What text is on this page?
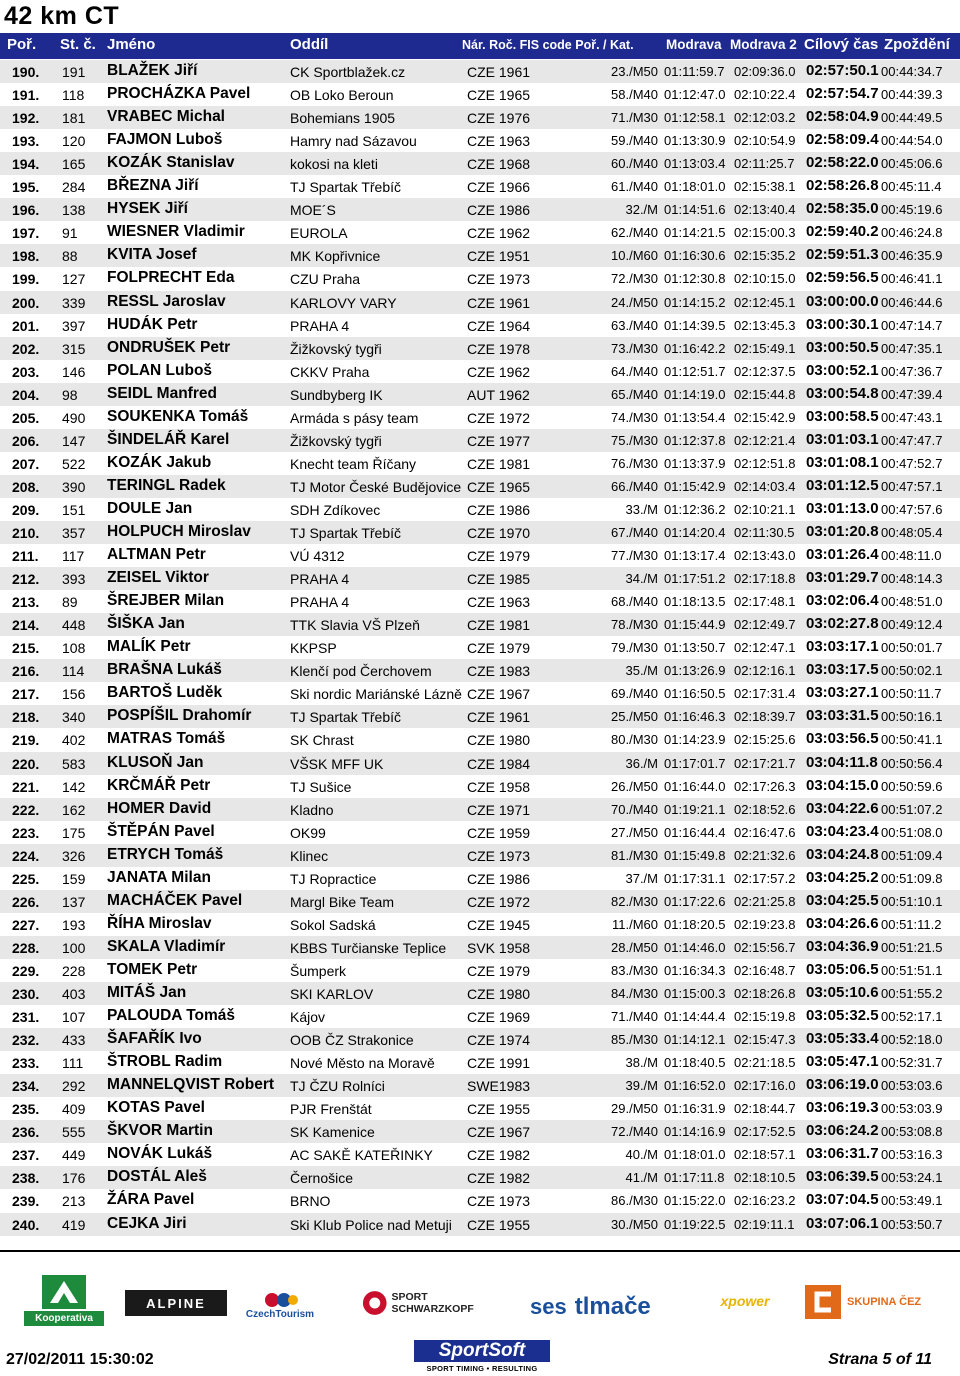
42 km CT
Poř. St. č. Jméno	Oddíl	Nár. Roč. FIS code Poř. / Kat. Modrava Modrava 2 Cílový čas Zpoždění
190. 191 BLAŽEK Jiří	CK Sportblažek.cz	CZE 1961	23./M50 01:11:59.7 02:09:36.0 02:57:50.1 00:44:34.7
191. 118 PROCHÁZKA Pavel	OB Loko Beroun	CZE 1965	58./M40 01:12:47.0 02:10:22.4 02:57:54.7 00:44:39.3
192. 181 VRABEC Michal	Bohemians 1905	CZE 1976	71./M30 01:12:58.1 02:12:03.2 02:58:04.9 00:44:49.5
193. 120 FAJMON Luboš	Hamry nad Sázavou	CZE 1963	59./M40 01:13:30.9 02:10:54.9 02:58:09.4 00:44:54.0
194. 165 KOZÁK Stanislav	kokosi na kleti	CZE 1968	60./M40 01:13:03.4 02:11:25.7 02:58:22.0 00:45:06.6
195. 284 BŘEZNA Jiří	TJ Spartak Třebíč	CZE 1966	61./M40 01:18:01.0 02:15:38.1 02:58:26.8 00:45:11.4
196. 138 HYSEK Jiří	MOE´S	CZE 1986	32./M 01:14:51.6 02:13:40.4 02:58:35.0 00:45:19.6
197. 91 WIESNER Vladimir	EUROLA	CZE 1962	62./M40 01:14:21.5 02:15:00.3 02:59:40.2 00:46:24.8
198. 88 KVITA Josef	MK Kopřivnice	CZE 1951	10./M60 01:16:30.6 02:15:35.2 02:59:51.3 00:46:35.9
199. 127 FOLPRECHT Eda	CZU Praha	CZE 1973	72./M30 01:12:30.8 02:10:15.0 02:59:56.5 00:46:41.1
200. 339 RESSL Jaroslav	KARLOVY VARY	CZE 1961	24./M50 01:14:15.2 02:12:45.1 03:00:00.0 00:46:44.6
201. 397 HUDÁK Petr	PRAHA 4	CZE 1964	63./M40 01:14:39.5 02:13:45.3 03:00:30.1 00:47:14.7
202. 315 ONDRUŠEK Petr	Žižkovský tygři	CZE 1978	73./M30 01:16:42.2 02:15:49.1 03:00:50.5 00:47:35.1
203. 146 POLAN Luboš	CKKV Praha	CZE 1962	64./M40 01:12:51.7 02:12:37.5 03:00:52.1 00:47:36.7
204. 98 SEIDL Manfred	Sundbyberg IK	AUT 1962	65./M40 01:14:19.0 02:15:44.8 03:00:54.8 00:47:39.4
205. 490 SOUKENKA Tomáš	Armáda s pásy team	CZE 1972	74./M30 01:13:54.4 02:15:42.9 03:00:58.5 00:47:43.1
206. 147 ŠINDELÁŘ Karel	Žižkovský tygři	CZE 1977	75./M30 01:12:37.8 02:12:21.4 03:01:03.1 00:47:47.7
207. 522 KOZÁK Jakub	Knecht team Říčany	CZE 1981	76./M30 01:13:37.9 02:12:51.8 03:01:08.1 00:47:52.7
208. 390 TERINGL Radek	TJ Motor České Budějovice CZE 1965	66./M40 01:15:42.9 02:14:03.4 03:01:12.5 00:47:57.1
209. 151 DOULE Jan	SDH Zdíkovec	CZE 1986	33./M 01:12:36.2 02:10:21.1 03:01:13.0 00:47:57.6
210. 357 HOLPUCH Miroslav	TJ Spartak Třebíč	CZE 1970	67./M40 01:14:20.4 02:11:30.5 03:01:20.8 00:48:05.4
211. 117 ALTMAN Petr	VÚ 4312	CZE 1979	77./M30 01:13:17.4 02:13:43.0 03:01:26.4 00:48:11.0
212. 393 ZEISEL Viktor	PRAHA 4	CZE 1985	34./M 01:17:51.2 02:17:18.8 03:01:29.7 00:48:14.3
213. 89 ŠREJBER Milan	PRAHA 4	CZE 1963	68./M40 01:18:13.5 02:17:48.1 03:02:06.4 00:48:51.0
214. 448 ŠIŠKA Jan	TTK Slavia VŠ Plzeň	CZE 1981	78./M30 01:15:44.9 02:12:49.7 03:02:27.8 00:49:12.4
215. 108 MALÍK Petr	KKPSP	CZE 1979	79./M30 01:13:50.7 02:12:47.1 03:03:17.1 00:50:01.7
216. 114 BRAŠNA Lukáš	Klenčí pod Čerchovem	CZE 1983	35./M 01:13:26.9 02:12:16.1 03:03:17.5 00:50:02.1
217. 156 BARTOŠ Luděk	Ski nordic Mariánské Lázně CZE 1967	69./M40 01:16:50.5 02:17:31.4 03:03:27.1 00:50:11.7
218. 340 POSPÍŠIL Drahomír	TJ Spartak Třebíč	CZE 1961	25./M50 01:16:46.3 02:18:39.7 03:03:31.5 00:50:16.1
219. 402 MATRAS Tomáš	SK Chrast	CZE 1980	80./M30 01:14:23.9 02:15:25.6 03:03:56.5 00:50:41.1
220. 583 KLUSOŇ Jan	VŠSK MFF UK	CZE 1984	36./M 01:17:01.7 02:17:21.7 03:04:11.8 00:50:56.4
221. 142 KRČMÁŘ Petr	TJ Sušice	CZE 1958	26./M50 01:16:44.0 02:17:26.3 03:04:15.0 00:50:59.6
222. 162 HOMER David	Kladno	CZE 1971	70./M40 01:19:21.1 02:18:52.6 03:04:22.6 00:51:07.2
223. 175 ŠTĚPÁN Pavel	OK99	CZE 1959	27./M50 01:16:44.4 02:16:47.6 03:04:23.4 00:51:08.0
224. 326 ETRYCH Tomáš	Klinec	CZE 1973	81./M30 01:15:49.8 02:21:32.6 03:04:24.8 00:51:09.4
225. 159 JANATA Milan	TJ Ropractice	CZE 1986	37./M 01:17:31.1 02:17:57.2 03:04:25.2 00:51:09.8
226. 137 MACHÁČEK Pavel	Margl Bike Team	CZE 1972	82./M30 01:17:22.6 02:21:25.8 03:04:25.5 00:51:10.1
227. 193 ŘÍHA Miroslav	Sokol Sadská	CZE 1945	11./M60 01:18:20.5 02:19:23.8 03:04:26.6 00:51:11.2
228. 100 SKALA Vladimír	KBBS Turčianske Teplice SVK 1958	28./M50 01:14:46.0 02:15:56.7 03:04:36.9 00:51:21.5
229. 228 TOMEK Petr	Šumperk	CZE 1979	83./M30 01:16:34.3 02:16:48.7 03:05:06.5 00:51:51.1
230. 403 MITÁŠ Jan	SKI KARLOV	CZE 1980	84./M30 01:15:00.3 02:18:26.8 03:05:10.6 00:51:55.2
231. 107 PALOUDA Tomáš	Kájov	CZE 1969	71./M40 01:14:44.4 02:15:19.8 03:05:32.5 00:52:17.1
232. 433 ŠAFAŘÍK Ivo	OOB ČZ Strakonice	CZE 1974	85./M30 01:14:12.1 02:15:47.3 03:05:33.4 00:52:18.0
233. 111 ŠTROBL Radim	Nové Město na Moravě CZE 1991	38./M 01:18:40.5 02:21:18.5 03:05:47.1 00:52:31.7
234. 292 MANNELQVIST Robert TJ ČZU Rolníci	SWE1983	39./M 01:16:52.0 02:17:16.0 03:06:19.0 00:53:03.6
235. 409 KOTAS Pavel	PJR Frenštát	CZE 1955	29./M50 01:16:31.9 02:18:44.7 03:06:19.3 00:53:03.9
236. 555 ŠKVOR Martin	SK Kamenice	CZE 1967	72./M40 01:14:16.9 02:17:52.5 03:06:24.2 00:53:08.8
237. 449 NOVÁK Lukáš	AC SAKĚ KATEŘINKY CZE 1982	40./M 01:18:01.0 02:18:57.1 03:06:31.7 00:53:16.3
238. 176 DOSTÁL Aleš	Černošice	CZE 1982	41./M 01:17:11.8 02:18:10.5 03:06:39.5 00:53:24.1
239. 213 ŽÁRA Pavel	BRNO	CZE 1973	86./M30 01:15:22.0 02:16:23.2 03:07:04.5 00:53:49.1
240. 419 CEJKA Jiri	Ski Klub Police nad Metuji CZE 1955	30./M50 01:19:22.5 02:19:11.1 03:07:06.1 00:53:50.7
Kooperativa
ALPINE
CzechTourism
SPORT SCHWARZKOPF	ses tlmače	xpower	SKUPINA ČEZ
27/02/2011 15:30:02	SportSoft
SPORT TIMING • RESULTING
Strana 5 of 11
